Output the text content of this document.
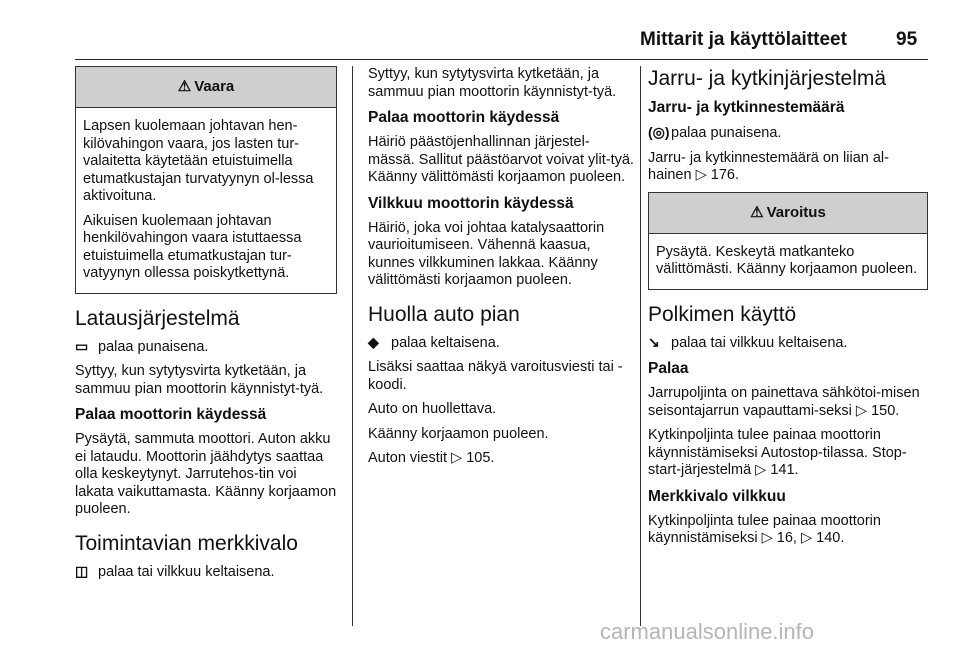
Mittarit ja käyttölaitteet	95
⚠ Vaara

Lapsen kuolemaan johtavan hen-kilövahingon vaara, jos lasten tur-valaitetta käytetään etuistuimella etumatkustajan turvatyynyn ol-lessa aktivoituna.

Aikuisen kuolemaan johtavan henkilövahingon vaara istuttaessa etuistuimella etumatkustajan tur-vatyynyn ollessa poiskytkettynä.

Latausjärjestelmä

▭ palaa punaisena.

Syttyy, kun sytytysvirta kytketään, ja sammuu pian moottorin käynnistyt-tyä.

Palaa moottorin käydessä

Pysäytä, sammuta moottori. Auton akku ei lataudu. Moottorin jäähdytys saattaa olla keskeytynyt. Jarrutehos-tin voi lakata vaikuttamasta. Käänny korjaamon puoleen.

Toimintavian merkkivalo

◫ palaa tai vilkkuu keltaisena.

Syttyy, kun sytytysvirta kytketään, ja sammuu pian moottorin käynnistyt-tyä.

Palaa moottorin käydessä

Häiriö päästöjenhallinnan järjestel-mässä. Sallitut päästöarvot voivat ylit-tyä. Käänny välittömästi korjaamon puoleen.

Vilkkuu moottorin käydessä

Häiriö, joka voi johtaa katalysaattorin vaurioitumiseen. Vähennä kaasua, kunnes vilkkuminen lakkaa. Käänny välittömästi korjaamon puoleen.

Huolla auto pian

◆ palaa keltaisena.

Lisäksi saattaa näkyä varoitusviesti tai -koodi.

Auto on huollettava.

Käänny korjaamon puoleen.

Auton viestit ▷ 105.

Jarru- ja kytkinjärjestelmä
Jarru- ja kytkinnestemäärä

(◎)palaa punaisena.

Jarru- ja kytkinnestemäärä on liian al-hainen ▷ 176.

⚠ Varoitus

Pysäytä. Keskeytä matkanteko välittömästi. Käänny korjaamon puoleen.

Polkimen käyttö

↘ palaa tai vilkkuu keltaisena.

Palaa

Jarrupoljinta on painettava sähkötoi-misen seisontajarrun vapauttami-seksi ▷ 150.

Kytkinpoljinta tulee painaa moottorin käynnistämiseksi Autostop-tilassa. Stop-start-järjestelmä ▷ 141.

Merkkivalo vilkkuu

Kytkinpoljinta tulee painaa moottorin käynnistämiseksi ▷ 16, ▷ 140.

carmanualsonline.info
